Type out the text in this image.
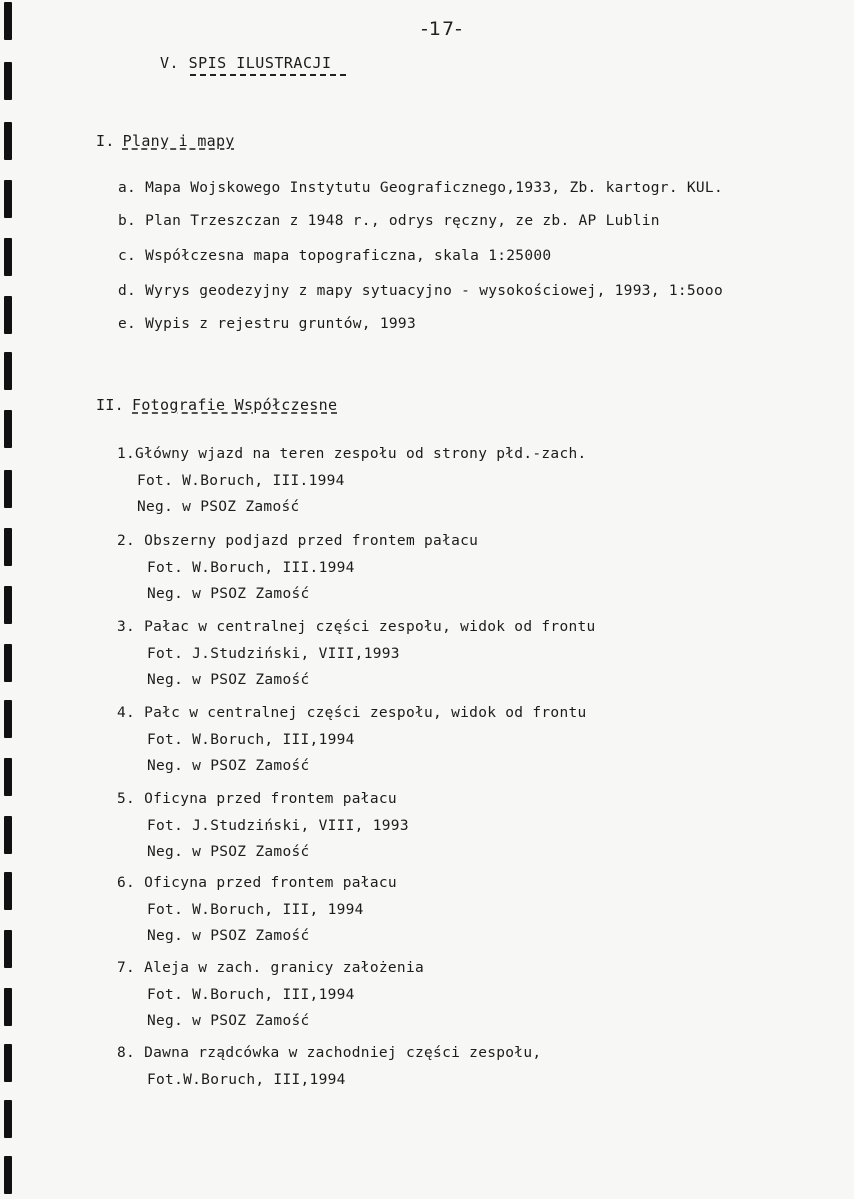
-17-
V. SPIS ILUSTRACJI
I. Plany i mapy
a. Mapa Wojskowego Instytutu Geograficznego,1933, Zb. kartogr. KUL.
b. Plan Trzeszczan z 1948 r., odrys ręczny, ze zb. AP Lublin
c. Współczesna mapa topograficzna, skala 1:25000
d. Wyrys geodezyjny z mapy sytuacyjno - wysokościowej, 1993, 1:5ooo
e. Wypis z rejestru gruntów, 1993
II. Fotografie Współczesne
1.Główny wjazd na teren zespołu od strony płd.-zach.
Fot. W.Boruch, III.1994
Neg. w PSOZ Zamość
2. Obszerny podjazd przed frontem pałacu
Fot. W.Boruch, III.1994
Neg. w PSOZ Zamość
3. Pałac w centralnej części zespołu, widok od frontu
Fot. J.Studziński, VIII,1993
Neg. w PSOZ Zamość
4. Pałc w centralnej części zespołu, widok od frontu
Fot. W.Boruch, III,1994
Neg. w PSOZ Zamość
5. Oficyna przed frontem pałacu
Fot. J.Studziński, VIII, 1993
Neg. w PSOZ Zamość
6. Oficyna przed frontem pałacu
Fot. W.Boruch, III, 1994
Neg. w PSOZ Zamość
7. Aleja w zach. granicy założenia
Fot. W.Boruch, III,1994
Neg. w PSOZ Zamość
8. Dawna rządcówka w zachodniej części zespołu,
Fot.W.Boruch, III,1994
